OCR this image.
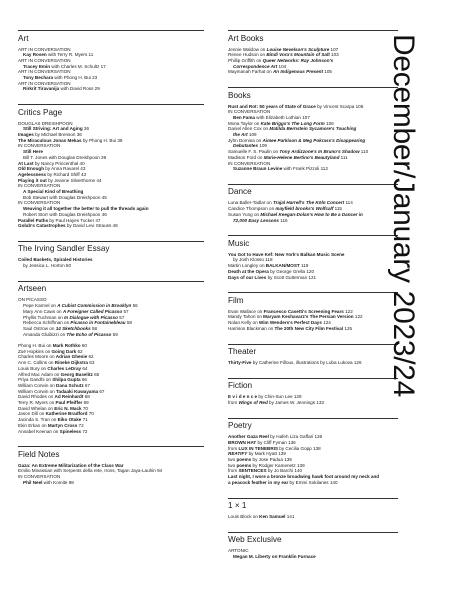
Art
ART IN CONVERSATION
Kay Rosen with Terry R. Myers 11
ART IN CONVERSATION
Tracey Emin with Charles M. Schultz 17
ART IN CONVERSATION
Tony Bechara with Phong H. Bui 23
ART IN CONVERSATION
Rirkrit Tiravanija with David Ross 29
Critics Page
DOUGLAS DREISHPOON
Still Striving: Art and Aging 36
Images by Michael Brenson 36
The Miraculous Jonas Mekas by Phong H. Bui 39
IN CONVERSATION
Still Here
Bill T. Jones with Douglas Dreishpoon 39
At Last by Nancy Princenthal 40
Old Enough by Anna Ravarel 43
Agelessness by Richard Shiff 43
Playing it out by Jeanne Silverthorne 44
IN CONVERSATION
A Special Kind of Breathing
Bob Stewart with Douglas Dreishpoon 45
IN CONVERSATION
Weaving it all together the better to pull the threads again
Robert Storr with Douglas Dreishpoon 46
Parallel Paths by Paul Hayes Tucker 47
Golub's Catastrophes by David Levi Strauss 48
The Irving Sandler Essay
Coiled Baskets, Spiraled Histories
by Jessica L. Horton 50
Artseen
ON PICASSO
Pepe Karmel on A Cubist Commission in Brooklyn 56
Mary Ann Caws on A Foreigner Called Picasso 57
Phyllis Tuchman on In Dialogue with Picasso 57
Rebecca Schiffman on Picasso in Fontainebleau 58
Saul Ostrow on 14 Sketchbooks 58
Amanda Gluibizzi on The Echo of Picasso 59
Phong H. Bui on Mark Rothko 60
Zoë Hopkins on Going Dark 62
Charles Moore on Adrian Ghenie 62
Ann C. Collins on Rineke Dijkstra 63
Louis Bury on Charles LeDray 64
Alfred Mac Adam on Georg Baselitz 65
Priya Gandhi on Shilpa Gupta 66
William Corwin on Dana Schutz 67
William Corwin on Tadaaki Kuwayama 67
David Rhodes on Ad Reinhardt 68
Terry R. Myers on Paul Pfeiffer 69
David Whelan on Eric N. Mack 70
Jason Dill on Katherine Bradford 70
Jacinda S. Tran on Eiko Otake 71
Ekin Erkan on Martyn Cross 72
Annabel Keenan on Spineless 72
Field Notes
Gaza: An Extreme Militarization of the Class War
Emilio Minassian with Serpents della rete, Irons, Tagan Jaya-Lauhin 94
IN CONVERSATION
Phil Neel with Komite 98
Art Books
Jennie Waldow on Louise Nevelson's Sculpture 107
Renee Hudson on Bindi Vora's Mountain of Salt 103
Phillip Griffith on Queer Networks: Ray Johnson's
Correspondence Art 104
Maymanah Farhat on An Indigenous Present 105
Books
Rust and Rot: 50 years of State of Grace by Vincent Scarpa 106
IN CONVERSATION
Ben Fama with Elizabeth Lothian 107
Mona Taylor on Kate Briggs's The Long Form 108
Daniel Allen Cox on Matilda Bernstein Sycamore's Touching
the Art 109
Jyhn Domina on Aimee Parkison & Meg Pokrass's Disappearing
Debutantes 109
Samuelle F. S. Paulin on Tony Ardizzone's In Bruno's Shadow 110
Madison Ford on Marie-Helene Bertino's Beautyland 111
IN CONVERSATION
Suzanne Braun Levine with Frank Pizzoli 112
Dance
Luna Baller-Tadlar on Trajal Harrell's The Köln Concert 114
Candice Thompson on mayfield brooks's Wolfcalf 115
Susan Yung on Michael Keegan-Dolan's How to Be a Dancer in
72,000 Easy Lessons 116
Music
You Got to Have Kef: New York's Balkan Music Scene
by Josh Klosso 118
Martin Longley on BALKAN/MOST 119
Death at the Opera by George Grella 120
Days of our Lives by Scott Gutterman 121
Film
Evan Wallace on Francesco Casetti's Screening Fears 122
Mandy Tahori on Maryam Keshavarz's The Persian Version 122
Nolan Kelly on Wim Wenders's Perfect Days 124
Harrison Blackman on The 20th New City Film Festival 125
Theater
Thirty-Five by Catherine Filloux, illustrations by Luba Lukova 126
Fiction
E v i d e n c e by Chin-Sun Lee 128
from Wings of Red by James W. Jennings 133
Poetry
Another Gaza Reel by Hafeh Liza Gaffari 136
BROWN HAT by Cliff Fyman 136
from LUX IN TENEBRIS by Cecilia Gopp 138
REATIFY by Mark Hyatt 139
two poems by Jose Padua 139
two poems by Rodger Kamenetz 139
from SENTENCES by Jo Barchi 140
Last night, I wore a bronze broadwing hawk foot around my neck and
a peacock feather in my ear by Emmi Sokilanes 140
1 × 1
Louis Block on Ken Samuel 141
Web Exclusive
ARTONIC
Megan M. Liberty on Franklin Furnace
December/January 2023/24
